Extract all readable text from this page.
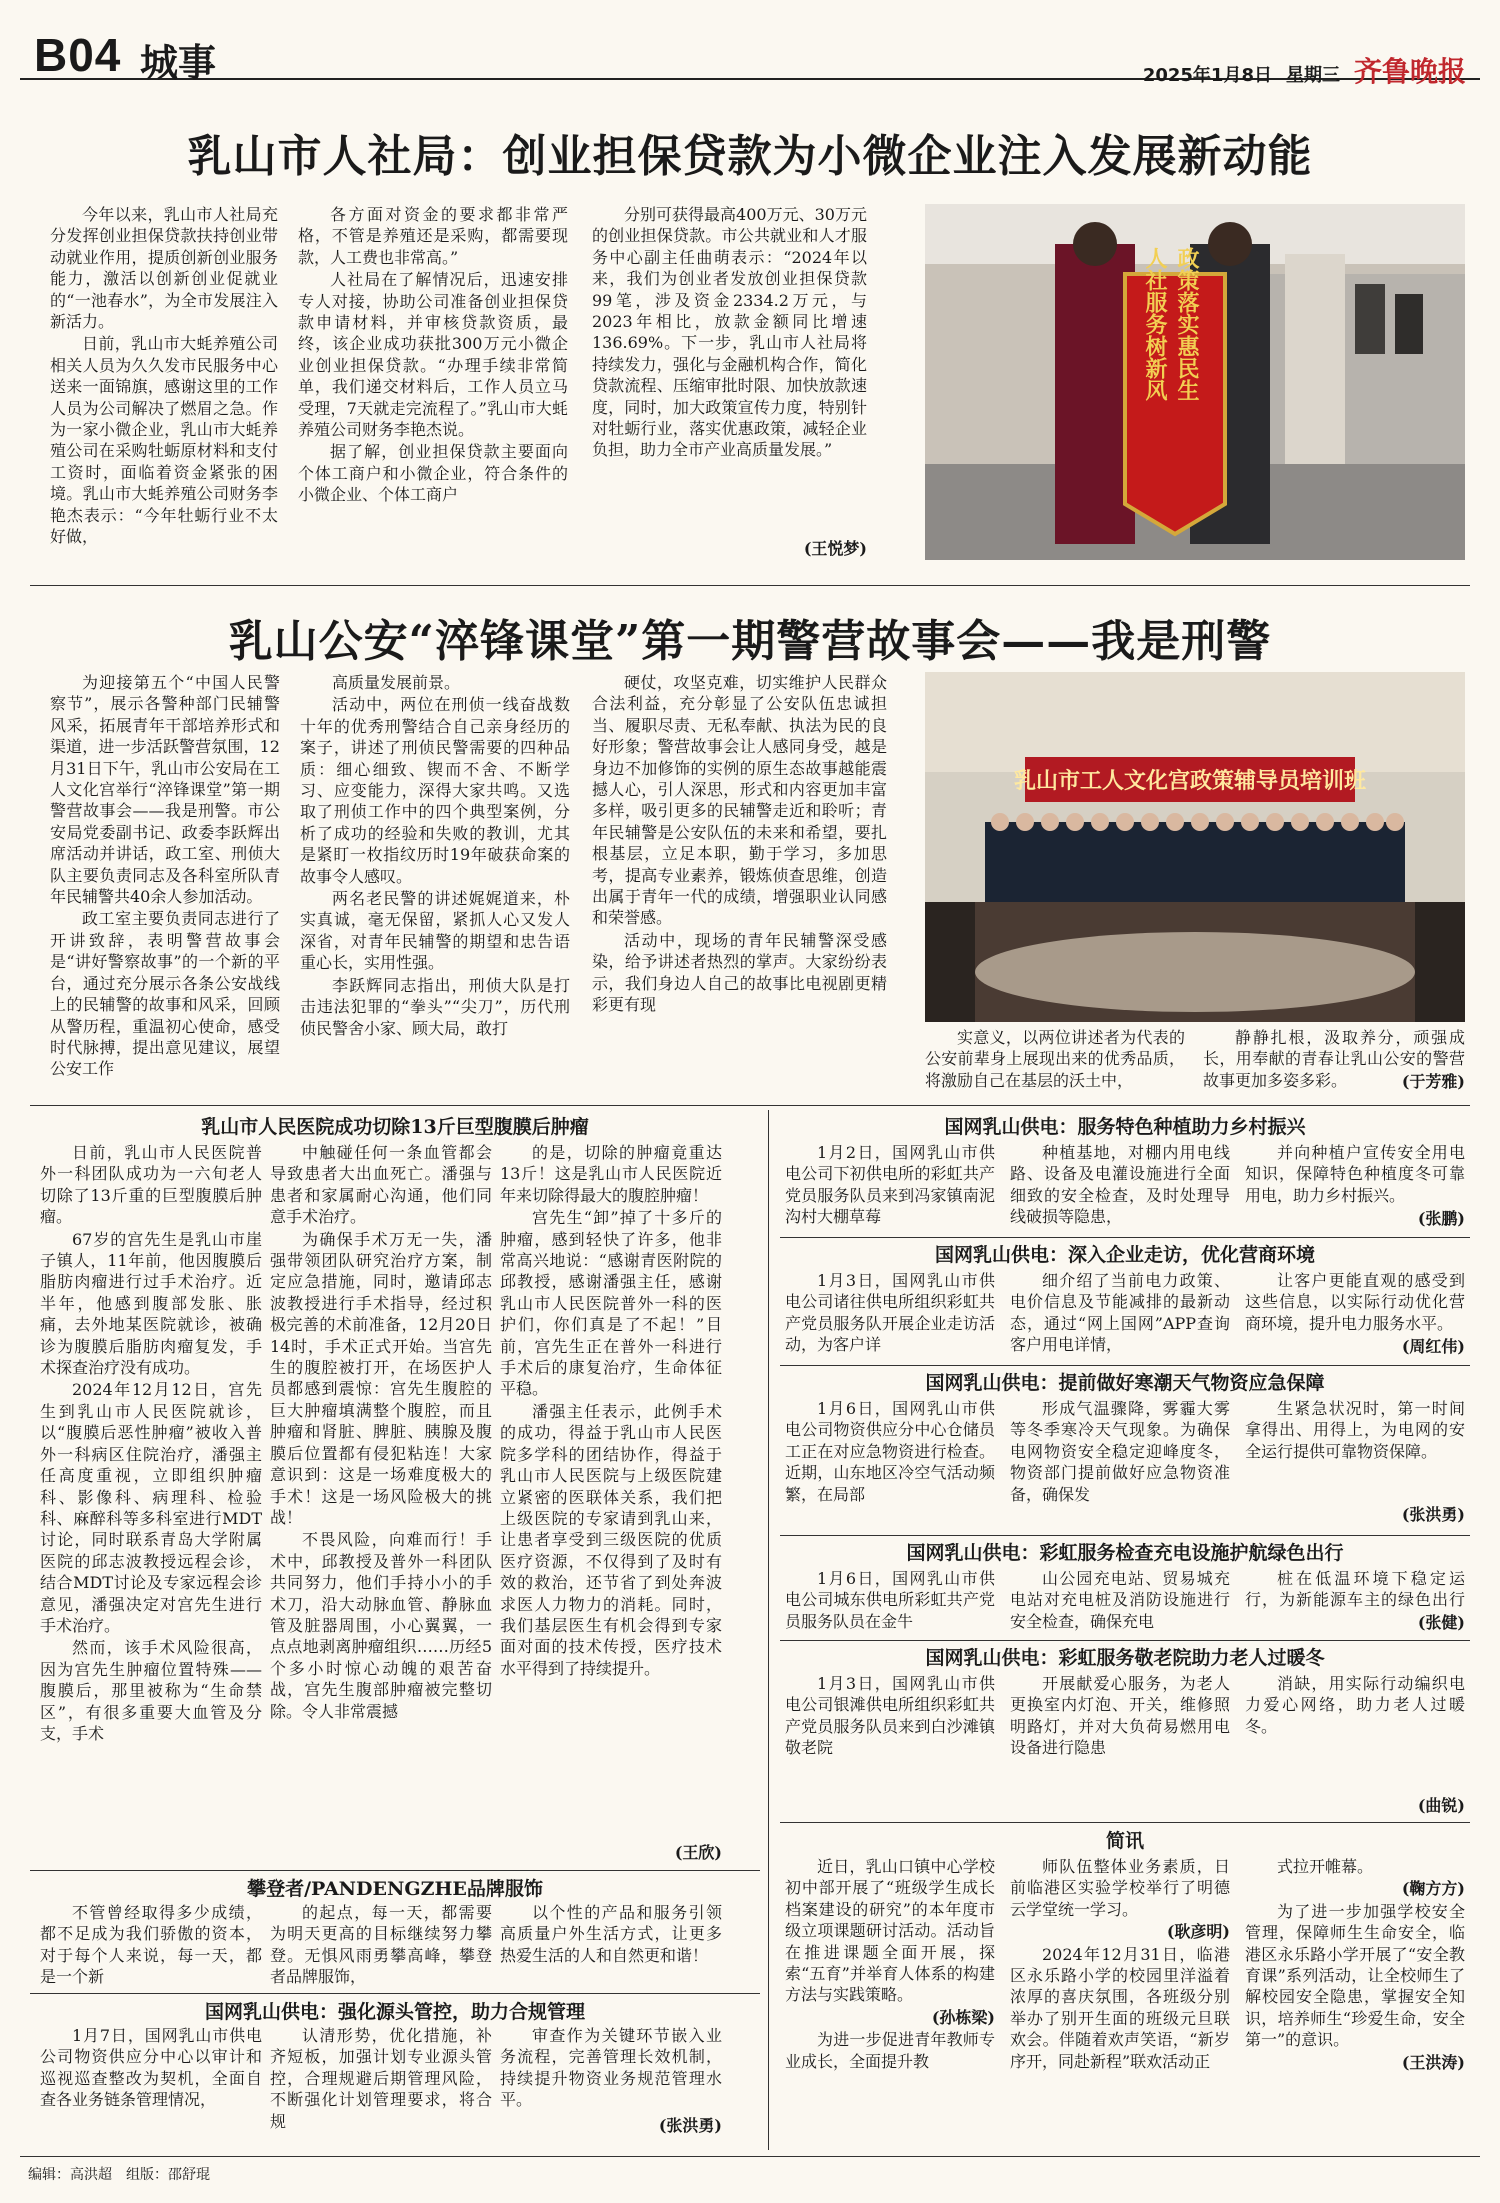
B04 城事	2025年1月8日 星期三 齐鲁晚报
乳山市人社局：创业担保贷款为小微企业注入发展新动能

今年以来，乳山市人社局充分发挥创业担保贷款扶持创业带动就业作用，提质创新创业服务能力，激活以创新创业促就业的“一池春水”，为全市发展注入新活力。

日前，乳山市大蚝养殖公司相关人员为久久发市民服务中心送来一面锦旗，感谢这里的工作人员为公司解决了燃眉之急。作为一家小微企业，乳山市大蚝养殖公司在采购牡蛎原材料和支付工资时，面临着资金紧张的困境。乳山市大蚝养殖公司财务李艳杰表示：“今年牡蛎行业不太好做，

各方面对资金的要求都非常严格，不管是养殖还是采购，都需要现款，人工费也非常高。”

人社局在了解情况后，迅速安排专人对接，协助公司准备创业担保贷款申请材料，并审核贷款资质，最终，该企业成功获批300万元小微企业创业担保贷款。“办理手续非常简单，我们递交材料后，工作人员立马受理，7天就走完流程了。”乳山市大蚝养殖公司财务李艳杰说。

据了解，创业担保贷款主要面向个体工商户和小微企业，符合条件的小微企业、个体工商户

分别可获得最高400万元、30万元的创业担保贷款。市公共就业和人才服务中心副主任曲萌表示：“2024年以来，我们为创业者发放创业担保贷款99笔，涉及资金2334.2万元，与2023年相比，放款金额同比增速136.69%。下一步，乳山市人社局将持续发力，强化与金融机构合作，简化贷款流程、压缩审批时限、加快放款速度，同时，加大政策宣传力度，特别针对牡蛎行业，落实优惠政策，减轻企业负担，助力全市产业高质量发展。”

(王悦梦)
政策落实惠民生
人社服务树新风
乳山公安“淬锋课堂”第一期警营故事会——我是刑警

为迎接第五个“中国人民警察节”，展示各警种部门民辅警风采，拓展青年干部培养形式和渠道，进一步活跃警营氛围，12月31日下午，乳山市公安局在工人文化宫举行“淬锋课堂”第一期警营故事会——我是刑警。市公安局党委副书记、政委李跃辉出席活动并讲话，政工室、刑侦大队主要负责同志及各科室所队青年民辅警共40余人参加活动。

政工室主要负责同志进行了开讲致辞，表明警营故事会是“讲好警察故事”的一个新的平台，通过充分展示各条公安战线上的民辅警的故事和风采，回顾从警历程，重温初心使命，感受时代脉搏，提出意见建议，展望公安工作

高质量发展前景。

活动中，两位在刑侦一线奋战数十年的优秀刑警结合自己亲身经历的案子，讲述了刑侦民警需要的四种品质：细心细致、锲而不舍、不断学习、应变能力，深得大家共鸣。又选取了刑侦工作中的四个典型案例，分析了成功的经验和失败的教训，尤其是紧盯一枚指纹历时19年破获命案的故事令人感叹。

两名老民警的讲述娓娓道来，朴实真诚，毫无保留，紧抓人心又发人深省，对青年民辅警的期望和忠告语重心长，实用性强。

李跃辉同志指出，刑侦大队是打击违法犯罪的“拳头”“尖刀”，历代刑侦民警舍小家、顾大局，敢打

硬仗，攻坚克难，切实维护人民群众合法利益，充分彰显了公安队伍忠诚担当、履职尽责、无私奉献、执法为民的良好形象；警营故事会让人感同身受，越是身边不加修饰的实例的原生态故事越能震撼人心，引人深思，形式和内容更加丰富多样，吸引更多的民辅警走近和聆听；青年民辅警是公安队伍的未来和希望，要扎根基层，立足本职，勤于学习，多加思考，提高专业素养，锻炼侦查思维，创造出属于青年一代的成绩，增强职业认同感和荣誉感。

活动中，现场的青年民辅警深受感染，给予讲述者热烈的掌声。大家纷纷表示，我们身边人自己的故事比电视剧更精彩更有现

乳山市工人文化宫政策辅导员培训班

实意义，以两位讲述者为代表的公安前辈身上展现出来的优秀品质，将激励自己在基层的沃土中，

静静扎根，汲取养分，顽强成长，用奉献的青春让乳山公安的警营故事更加多姿多彩。	(于芳雅)
乳山市人民医院成功切除13斤巨型腹膜后肿瘤

日前，乳山市人民医院普外一科团队成功为一六旬老人切除了13斤重的巨型腹膜后肿瘤。

67岁的宫先生是乳山市崖子镇人，11年前，他因腹膜后脂肪肉瘤进行过手术治疗。近半年，他感到腹部发胀、胀痛，去外地某医院就诊，被确诊为腹膜后脂肪肉瘤复发，手术探查治疗没有成功。

2024年12月12日，宫先生到乳山市人民医院就诊，以“腹膜后恶性肿瘤”被收入普外一科病区住院治疗，潘强主任高度重视，立即组织肿瘤科、影像科、病理科、检验科、麻醉科等多科室进行MDT讨论，同时联系青岛大学附属医院的邱志波教授远程会诊，结合MDT讨论及专家远程会诊意见，潘强决定对宫先生进行手术治疗。

然而，该手术风险很高，因为宫先生肿瘤位置特殊——腹膜后，那里被称为“生命禁区”，有很多重要大血管及分支，手术

中触碰任何一条血管都会导致患者大出血死亡。潘强与患者和家属耐心沟通，他们同意手术治疗。

为确保手术万无一失，潘强带领团队研究治疗方案，制定应急措施，同时，邀请邱志波教授进行手术指导，经过积极完善的术前准备，12月20日14时，手术正式开始。当宫先生的腹腔被打开，在场医护人员都感到震惊：宫先生腹腔的巨大肿瘤填满整个腹腔，而且肿瘤和肾脏、脾脏、胰腺及腹膜后位置都有侵犯粘连！大家意识到：这是一场难度极大的手术！这是一场风险极大的挑战！

不畏风险，向难而行！手术中，邱教授及普外一科团队共同努力，他们手持小小的手术刀，沿大动脉血管、静脉血管及脏器周围，小心翼翼，一点点地剥离肿瘤组织……历经5个多小时惊心动魄的艰苦奋战，宫先生腹部肿瘤被完整切除。令人非常震撼

的是，切除的肿瘤竟重达13斤！这是乳山市人民医院近年来切除得最大的腹腔肿瘤！

宫先生“卸”掉了十多斤的肿瘤，感到轻快了许多，他非常高兴地说：“感谢青医附院的邱教授，感谢潘强主任，感谢乳山市人民医院普外一科的医护们，你们真是了不起！”目前，宫先生正在普外一科进行手术后的康复治疗，生命体征平稳。

潘强主任表示，此例手术的成功，得益于乳山市人民医院多学科的团结协作，得益于乳山市人民医院与上级医院建立紧密的医联体关系，我们把上级医院的专家请到乳山来，让患者享受到三级医院的优质医疗资源，不仅得到了及时有效的救治，还节省了到处奔波求医人力物力的消耗。同时，我们基层医生有机会得到专家面对面的技术传授，医疗技术水平得到了持续提升。

(王欣)
攀登者/PANDENGZHE品牌服饰

不管曾经取得多少成绩，都不足成为我们骄傲的资本，对于每个人来说，每一天，都是一个新

的起点，每一天，都需要为明天更高的目标继续努力攀登。无惧风雨勇攀高峰，攀登者品牌服饰，

以个性的产品和服务引领高质量户外生活方式，让更多热爱生活的人和自然更和谐！

国网乳山供电：强化源头管控，助力合规管理

1月7日，国网乳山市供电公司物资供应分中心以审计和巡视巡查整改为契机，全面自查各业务链条管理情况，

认清形势，优化措施，补齐短板，加强计划专业源头管控，合理规避后期管理风险，不断强化计划管理要求，将合规

审查作为关键环节嵌入业务流程，完善管理长效机制，持续提升物资业务规范管理水平。

(张洪勇)
国网乳山供电：服务特色种植助力乡村振兴

1月2日，国网乳山市供电公司下初供电所的彩虹共产党员服务队员来到冯家镇南泥沟村大棚草莓

种植基地，对棚内用电线路、设备及电灌设施进行全面细致的安全检查，及时处理导线破损等隐患，

并向种植户宣传安全用电知识，保障特色种植度冬可靠用电，助力乡村振兴。

(张鹏)
国网乳山供电：深入企业走访，优化营商环境

1月3日，国网乳山市供电公司诸往供电所组织彩虹共产党员服务队开展企业走访活动，为客户详

细介绍了当前电力政策、电价信息及节能减排的最新动态，通过“网上国网”APP查询客户用电详情，

让客户更能直观的感受到这些信息，以实际行动优化营商环境，提升电力服务水平。

(周红伟)
国网乳山供电：提前做好寒潮天气物资应急保障

1月6日，国网乳山市供电公司物资供应分中心仓储员工正在对应急物资进行检查。近期，山东地区冷空气活动频繁，在局部

形成气温骤降，雾霾大雾等冬季寒冷天气现象。为确保电网物资安全稳定迎峰度冬，物资部门提前做好应急物资准备，确保发

生紧急状况时，第一时间拿得出、用得上，为电网的安全运行提供可靠物资保障。

(张洪勇)
国网乳山供电：彩虹服务检查充电设施护航绿色出行

1月6日，国网乳山市供电公司城东供电所彩虹共产党员服务队员在金牛

山公园充电站、贸易城充电站对充电桩及消防设施进行安全检查，确保充电

桩在低温环境下稳定运行，为新能源车主的绿色出行

(张健)
国网乳山供电：彩虹服务敬老院助力老人过暖冬

1月3日，国网乳山市供电公司银滩供电所组织彩虹共产党员服务队员来到白沙滩镇敬老院

开展献爱心服务，为老人更换室内灯泡、开关，维修照明路灯，并对大负荷易燃用电设备进行隐患

消缺，用实际行动编织电力爱心网络，助力老人过暖冬。

(曲锐)
简讯

近日，乳山口镇中心学校初中部开展了“班级学生成长档案建设的研究”的本年度市级立项课题研讨活动。活动旨在推进课题全面开展，探索“五育”并举育人体系的构建方法与实践策略。

(孙栋梁)

为进一步促进青年教师专业成长，全面提升教

师队伍整体业务素质，日前临港区实验学校举行了明德云学堂统一学习。

(耿彦明)

2024年12月31日，临港区永乐路小学的校园里洋溢着浓厚的喜庆氛围，各班级分别举办了别开生面的班级元旦联欢会。伴随着欢声笑语，“新岁序开，同赴新程”联欢活动正

式拉开帷幕。

(鞠方方)

为了进一步加强学校安全管理，保障师生生命安全，临港区永乐路小学开展了“安全教育课”系列活动，让全校师生了解校园安全隐患，掌握安全知识，培养师生“珍爱生命，安全第一”的意识。

(王洪涛)

编辑：高洪超　组版：邵舒琨
